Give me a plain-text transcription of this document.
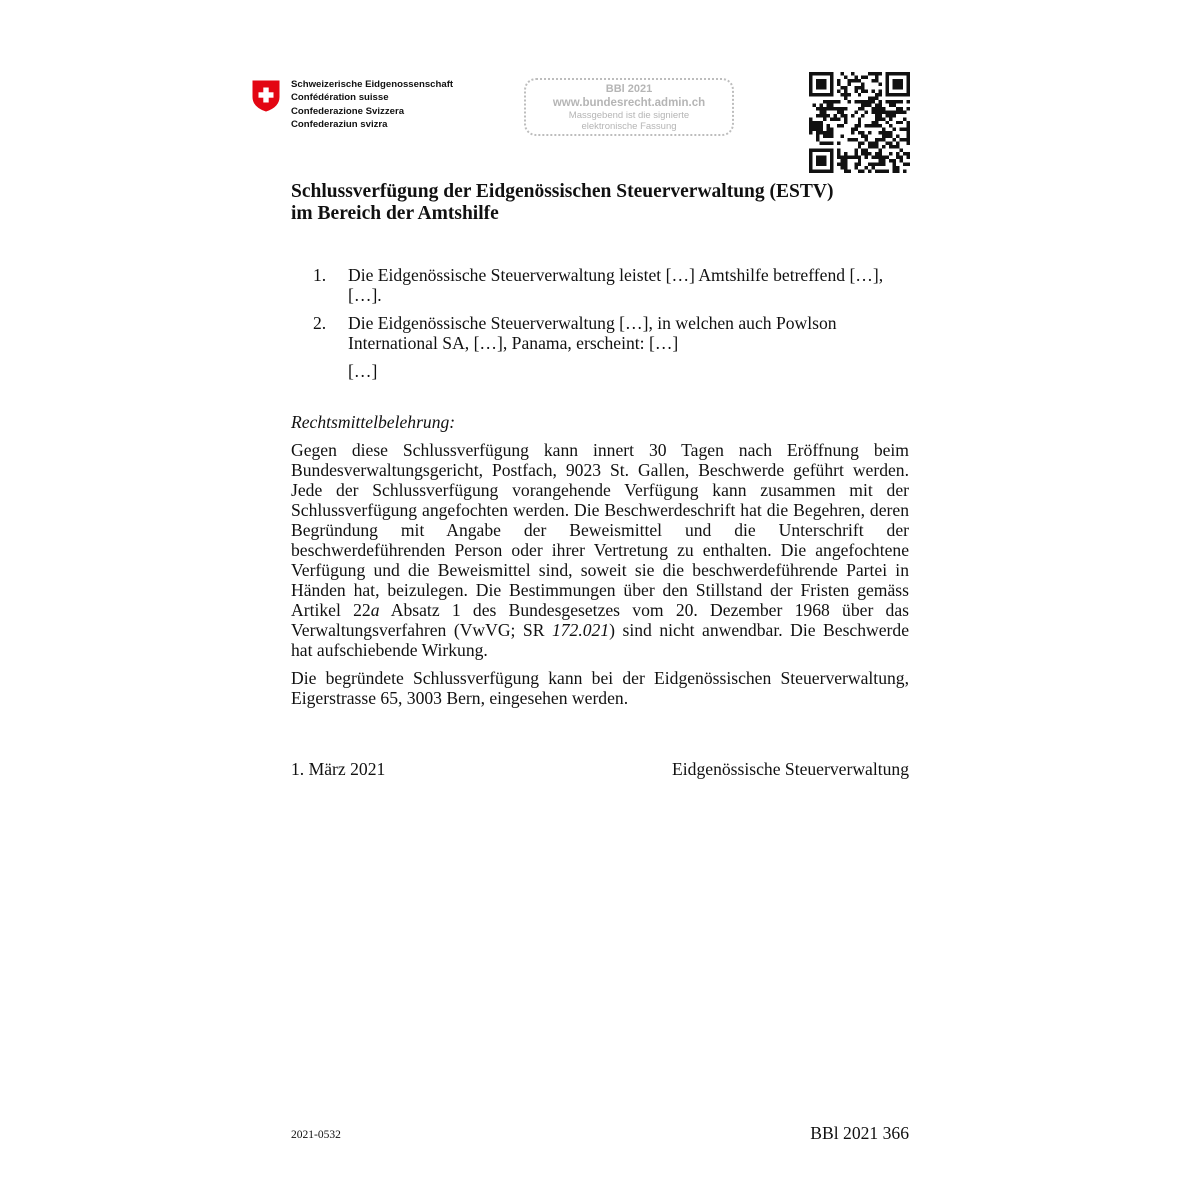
Schweizerische Eidgenossenschaft
Confédération suisse
Confederazione Svizzera
Confederaziun svizra
BBl 2021
www.bundesrecht.admin.ch
Massgebend ist die signierte
elektronische Fassung
Schlussverfügung der Eidgenössischen Steuerverwaltung (ESTV)
im Bereich der Amtshilfe
1.	Die Eidgenössische Steuerverwaltung leistet […] Amtshilfe betreffend […], […].
2.	Die Eidgenössische Steuerverwaltung […], in welchen auch Powlson International SA, […], Panama, erscheint: […]
[…]
Rechtsmittelbelehrung:

Gegen diese Schlussverfügung kann innert 30 Tagen nach Eröffnung beim Bundesverwaltungsgericht, Postfach, 9023 St. Gallen, Beschwerde geführt werden. Jede der Schlussverfügung vorangehende Verfügung kann zusammen mit der Schlussverfügung angefochten werden. Die Beschwerdeschrift hat die Begehren, deren Begründung mit Angabe der Beweismittel und die Unterschrift der beschwerdeführenden Person oder ihrer Vertretung zu enthalten. Die angefochtene Verfügung und die Beweismittel sind, soweit sie die beschwerdeführende Partei in Händen hat, beizulegen. Die Bestimmungen über den Stillstand der Fristen gemäss Artikel 22a Absatz 1 des Bundesgesetzes vom 20. Dezember 1968 über das Verwaltungsverfahren (VwVG; SR 172.021) sind nicht anwendbar. Die Beschwerde hat aufschiebende Wirkung.

Die begründete Schlussverfügung kann bei der Eidgenössischen Steuerverwaltung, Eigerstrasse 65, 3003 Bern, eingesehen werden.

1. März 2021	Eidgenössische Steuerverwaltung
2021-0532	BBl 2021 366
